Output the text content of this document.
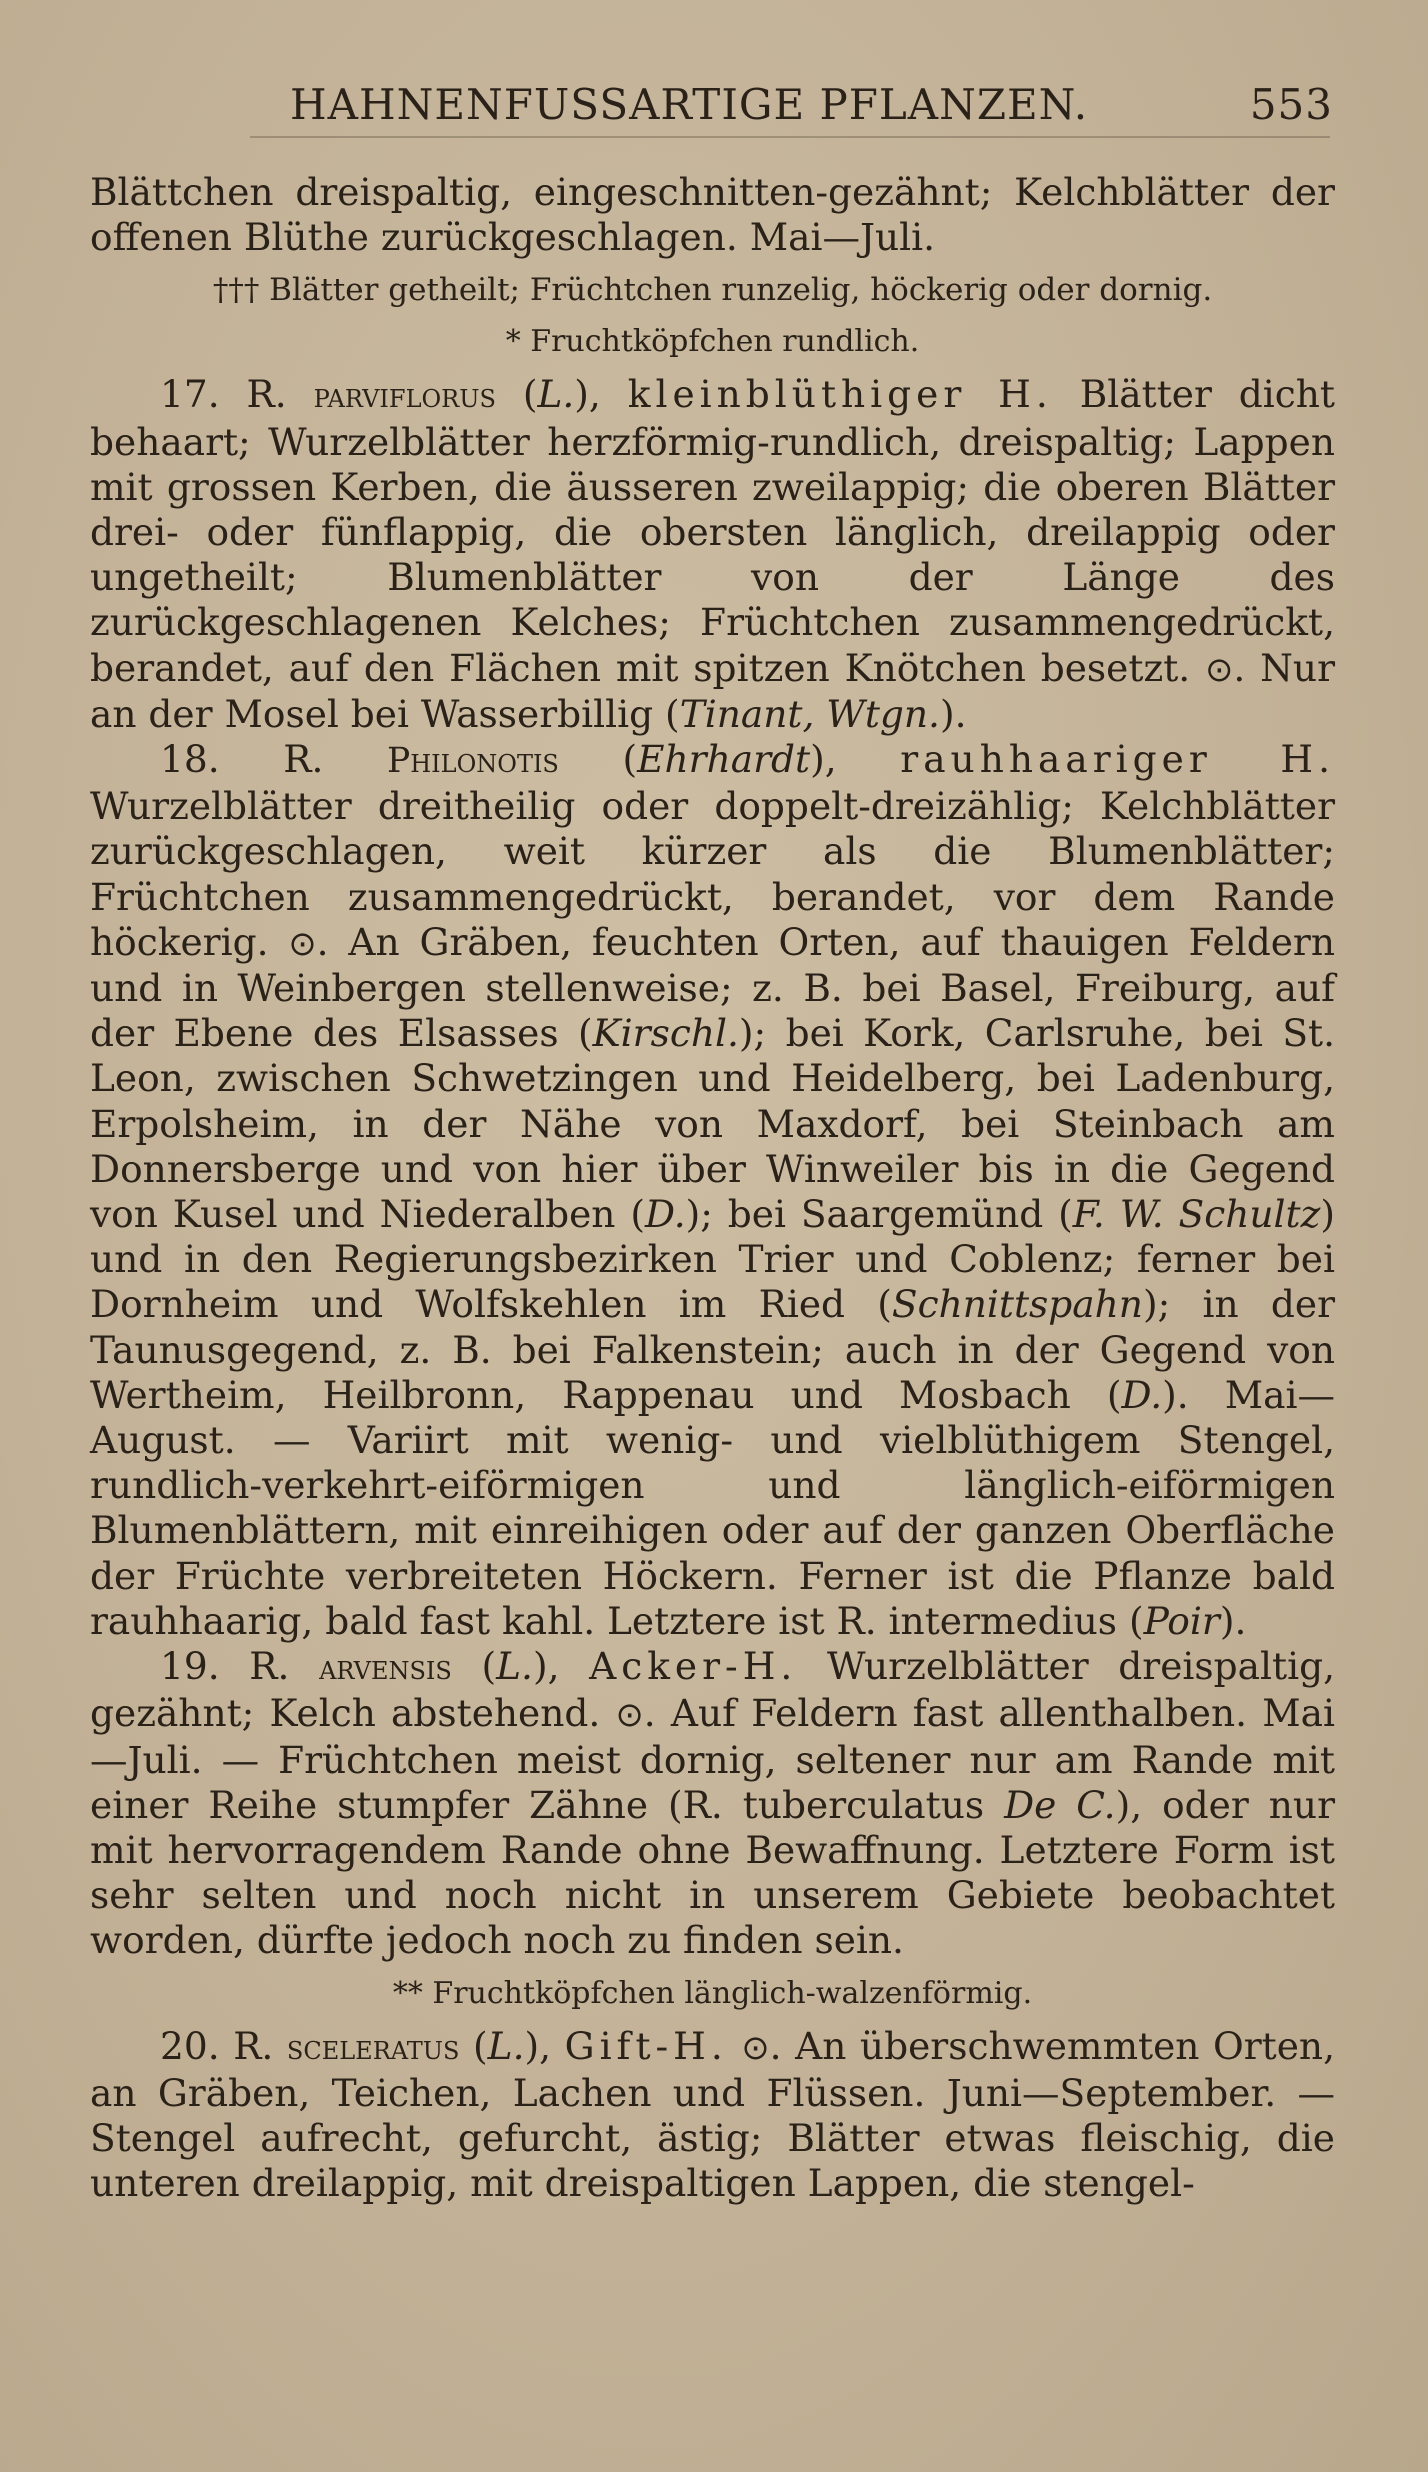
HAHNENFUSSARTIGE PFLANZEN.	553

Blättchen dreispaltig, eingeschnitten-gezähnt; Kelchblätter der offenen Blüthe zurückgeschlagen. Mai—Juli.

††† Blätter getheilt; Früchtchen runzelig, höckerig oder dornig.

* Fruchtköpfchen rundlich.

17. R. parviflorus (L.), kleinblüthiger H. Blätter dicht behaart; Wurzelblätter herzförmig-rundlich, dreispaltig; Lappen mit grossen Kerben, die äusseren zweilappig; die oberen Blätter drei- oder fünflappig, die obersten länglich, dreilappig oder ungetheilt; Blumenblätter von der Länge des zurückgeschlagenen Kelches; Früchtchen zusammengedrückt, berandet, auf den Flächen mit spitzen Knötchen besetzt. ⊙. Nur an der Mosel bei Wasserbillig (Tinant, Wtgn.).

18. R. Philonotis (Ehrhardt), rauhhaariger H. Wurzelblätter dreitheilig oder doppelt-dreizählig; Kelchblätter zurückgeschlagen, weit kürzer als die Blumenblätter; Früchtchen zusammengedrückt, berandet, vor dem Rande höckerig. ⊙. An Gräben, feuchten Orten, auf thauigen Feldern und in Weinbergen stellenweise; z. B. bei Basel, Freiburg, auf der Ebene des Elsasses (Kirschl.); bei Kork, Carlsruhe, bei St. Leon, zwischen Schwetzingen und Heidelberg, bei Ladenburg, Erpolsheim, in der Nähe von Maxdorf, bei Steinbach am Donnersberge und von hier über Winweiler bis in die Gegend von Kusel und Niederalben (D.); bei Saargemünd (F. W. Schultz) und in den Regierungsbezirken Trier und Coblenz; ferner bei Dornheim und Wolfskehlen im Ried (Schnittspahn); in der Taunusgegend, z. B. bei Falkenstein; auch in der Gegend von Wertheim, Heilbronn, Rappenau und Mosbach (D.). Mai—August. — Variirt mit wenig- und vielblüthigem Stengel, rundlich-verkehrt-eiförmigen und länglich-eiförmigen Blumenblättern, mit einreihigen oder auf der ganzen Oberfläche der Früchte verbreiteten Höckern. Ferner ist die Pflanze bald rauhhaarig, bald fast kahl. Letztere ist R. intermedius (Poir).

19. R. arvensis (L.), Acker-H. Wurzelblätter dreispaltig, gezähnt; Kelch abstehend. ⊙. Auf Feldern fast allenthalben. Mai—Juli. — Früchtchen meist dornig, seltener nur am Rande mit einer Reihe stumpfer Zähne (R. tuberculatus De C.), oder nur mit hervorragendem Rande ohne Bewaffnung. Letztere Form ist sehr selten und noch nicht in unserem Gebiete beobachtet worden, dürfte jedoch noch zu finden sein.

** Fruchtköpfchen länglich-walzenförmig.

20. R. sceleratus (L.), Gift-H. ⊙. An überschwemmten Orten, an Gräben, Teichen, Lachen und Flüssen. Juni—September. — Stengel aufrecht, gefurcht, ästig; Blätter etwas fleischig, die unteren dreilappig, mit dreispaltigen Lappen, die stengel-
